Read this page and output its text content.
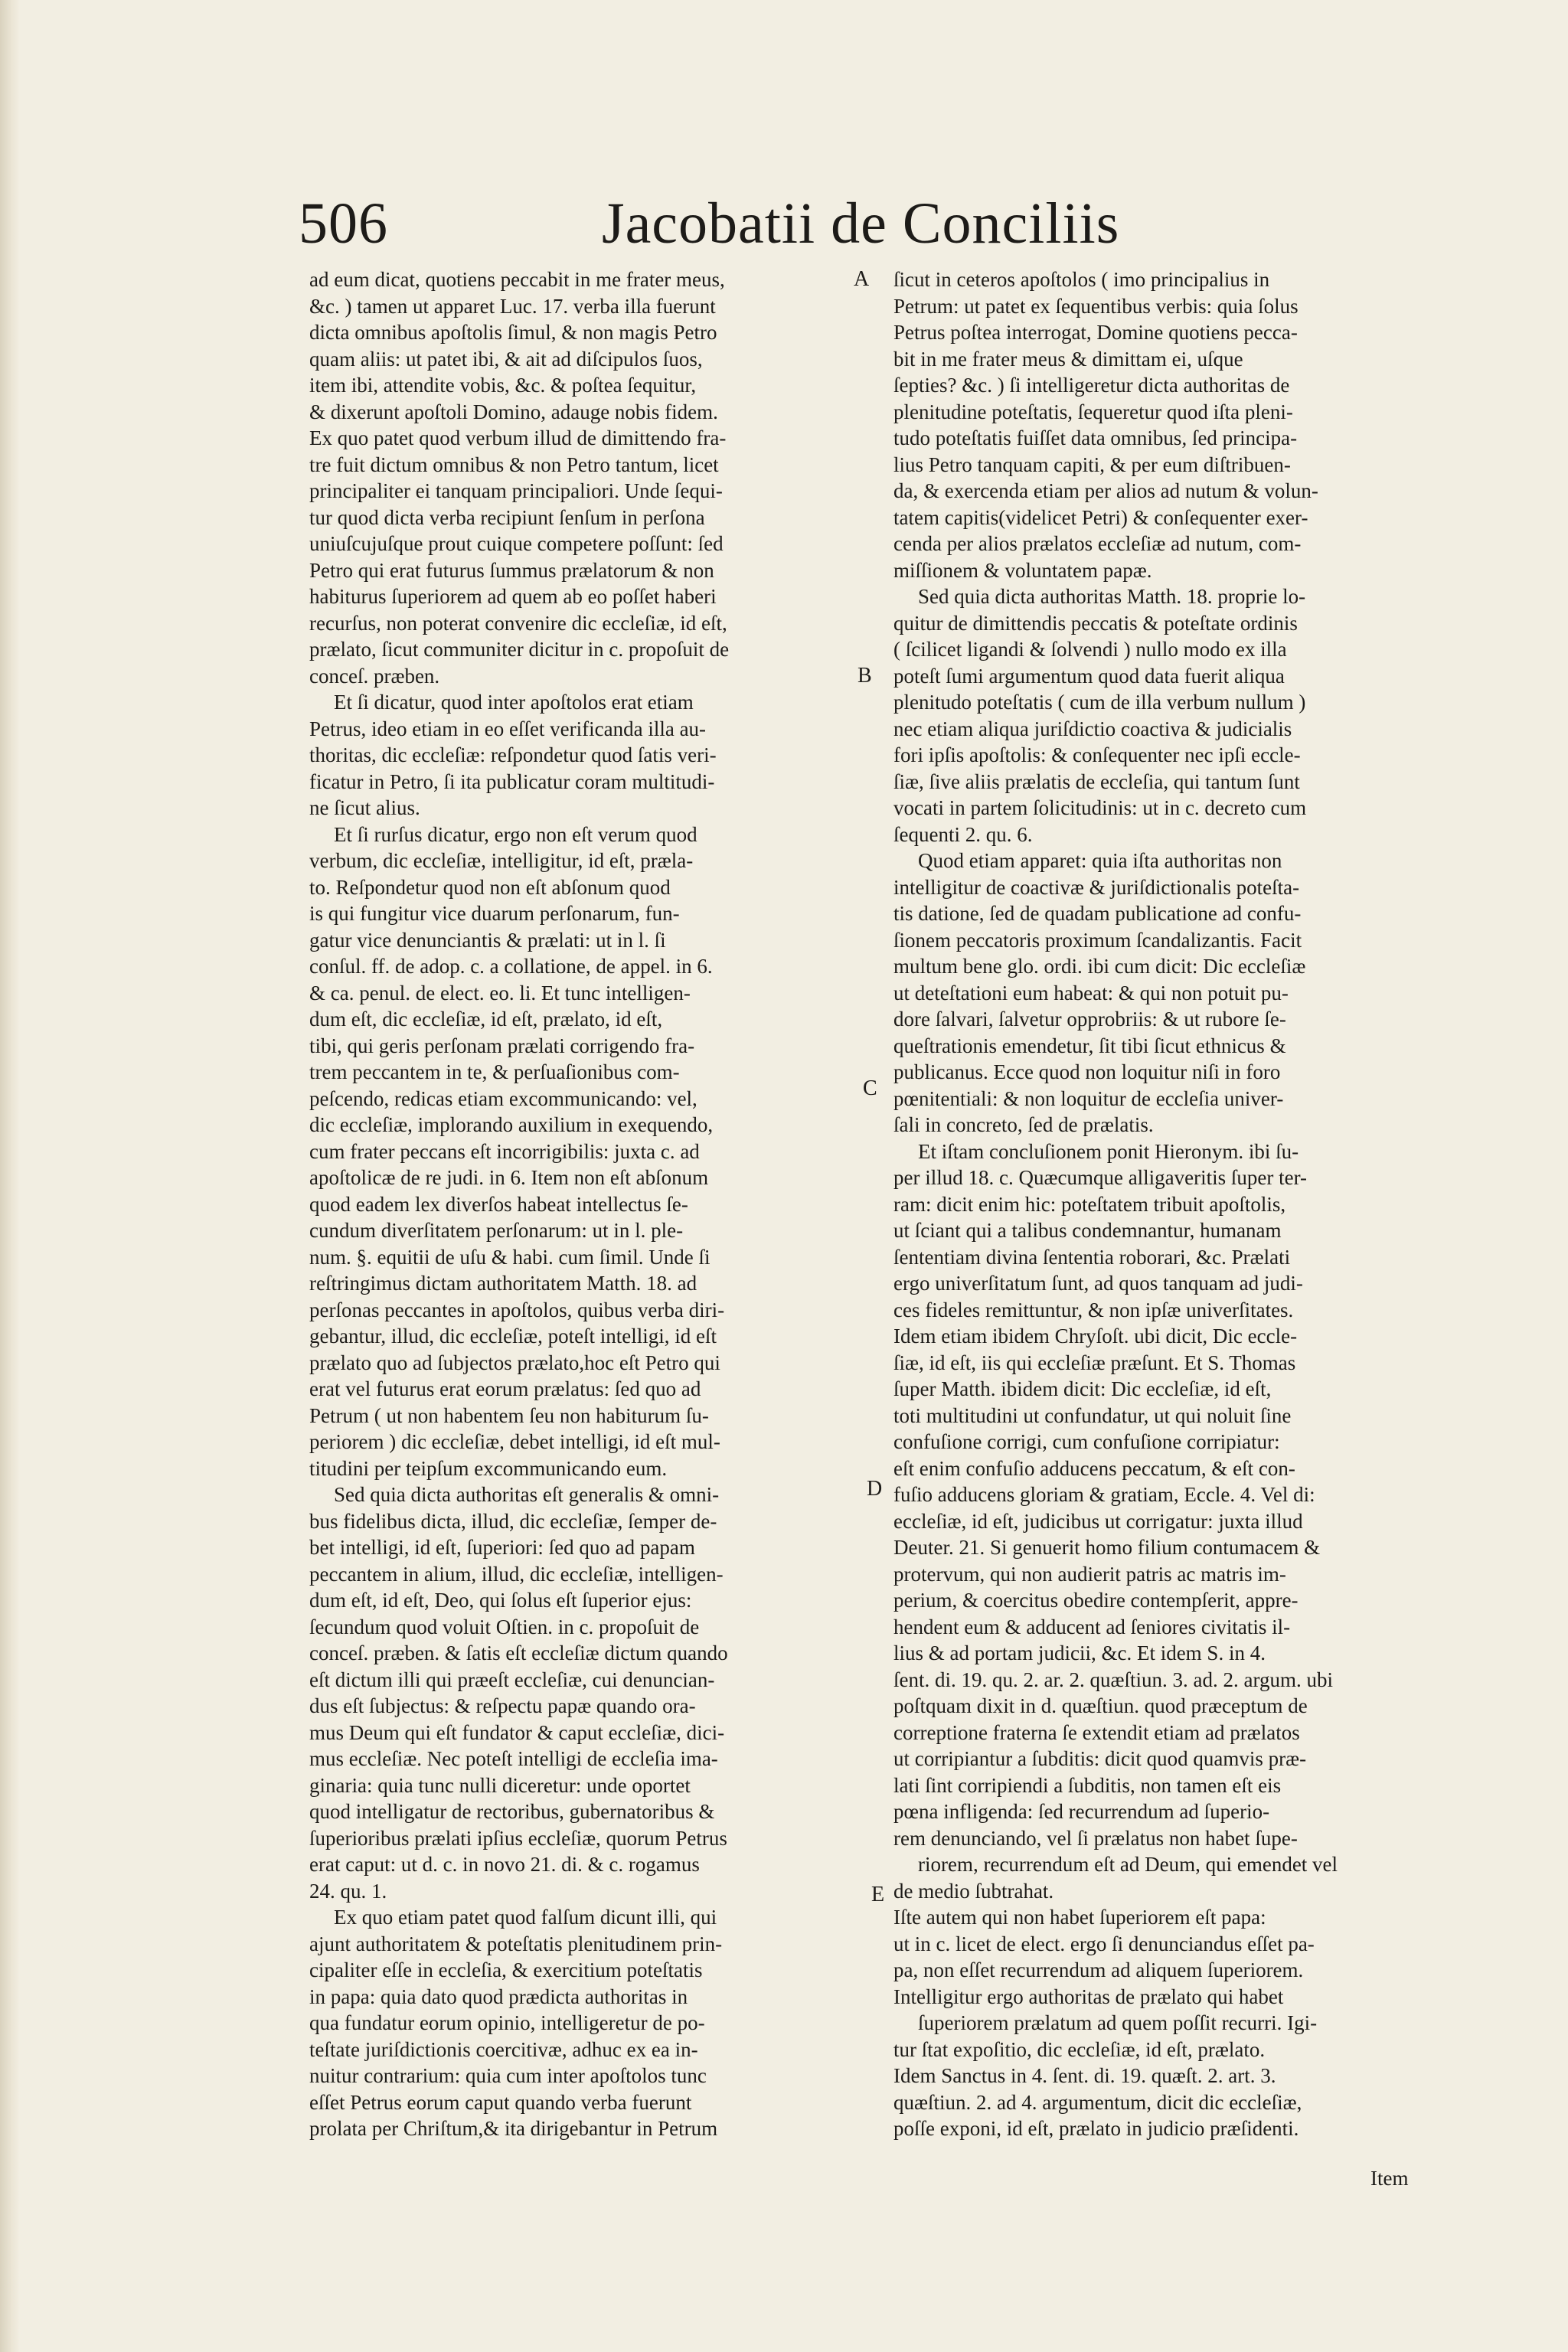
506	Jacobatii de Conciliis
ad eum dicat, quotiens peccabit in me frater meus,
&c. ) tamen ut apparet Luc. 17. verba illa fuerunt
dicta omnibus apoſtolis ſimul, & non magis Petro
quam aliis: ut patet ibi, & ait ad diſcipulos ſuos,
item ibi, attendite vobis, &c. & poſtea ſequitur,
& dixerunt apoſtoli Domino, adauge nobis fidem.
Ex quo patet quod verbum illud de dimittendo fra-
tre fuit dictum omnibus & non Petro tantum, licet
principaliter ei tanquam principaliori. Unde ſequi-
tur quod dicta verba recipiunt ſenſum in perſona
uniuſcujuſque prout cuique competere poſſunt: ſed
Petro qui erat futurus ſummus prælatorum & non
habiturus ſuperiorem ad quem ab eo poſſet haberi
recurſus, non poterat convenire dic eccleſiæ, id eſt,
prælato, ſicut communiter dicitur in c. propoſuit de
conceſ. præben.
Et ſi dicatur, quod inter apoſtolos erat etiam
Petrus, ideo etiam in eo eſſet verificanda illa au-
thoritas, dic eccleſiæ: reſpondetur quod ſatis veri-
ficatur in Petro, ſi ita publicatur coram multitudi-
ne ſicut alius.
Et ſi rurſus dicatur, ergo non eſt verum quod
verbum, dic eccleſiæ, intelligitur, id eſt, præla-
to. Reſpondetur quod non eſt abſonum quod
is qui fungitur vice duarum perſonarum, fun-
gatur vice denunciantis & prælati: ut in l. ſi
conſul. ff. de adop. c. a collatione, de appel. in 6.
& ca. penul. de elect. eo. li. Et tunc intelligen-
dum eſt, dic eccleſiæ, id eſt, prælato, id eſt,
tibi, qui geris perſonam prælati corrigendo fra-
trem peccantem in te, & perſuaſionibus com-
peſcendo, redicas etiam excommunicando: vel,
dic eccleſiæ, implorando auxilium in exequendo,
cum frater peccans eſt incorrigibilis: juxta c. ad
apoſtolicæ de re judi. in 6. Item non eſt abſonum
quod eadem lex diverſos habeat intellectus ſe-
cundum diverſitatem perſonarum: ut in l. ple-
num. §. equitii de uſu & habi. cum ſimil. Unde ſi
reſtringimus dictam authoritatem Matth. 18. ad
perſonas peccantes in apoſtolos, quibus verba diri-
gebantur, illud, dic eccleſiæ, poteſt intelligi, id eſt
prælato quo ad ſubjectos prælato,hoc eſt Petro qui
erat vel futurus erat eorum prælatus: ſed quo ad
Petrum ( ut non habentem ſeu non habiturum ſu-
periorem ) dic eccleſiæ, debet intelligi, id eſt mul-
titudini per teipſum excommunicando eum.
Sed quia dicta authoritas eſt generalis & omni-
bus fidelibus dicta, illud, dic eccleſiæ, ſemper de-
bet intelligi, id eſt, ſuperiori: ſed quo ad papam
peccantem in alium, illud, dic eccleſiæ, intelligen-
dum eſt, id eſt, Deo, qui ſolus eſt ſuperior ejus:
ſecundum quod voluit Oſtien. in c. propoſuit de
conceſ. præben. & ſatis eſt eccleſiæ dictum quando
eſt dictum illi qui præeſt eccleſiæ, cui denuncian-
dus eſt ſubjectus: & reſpectu papæ quando ora-
mus Deum qui eſt fundator & caput eccleſiæ, dici-
mus eccleſiæ. Nec poteſt intelligi de eccleſia ima-
ginaria: quia tunc nulli diceretur: unde oportet
quod intelligatur de rectoribus, gubernatoribus &
ſuperioribus prælati ipſius eccleſiæ, quorum Petrus
erat caput: ut d. c. in novo 21. di. & c. rogamus
24. qu. 1.
Ex quo etiam patet quod falſum dicunt illi, qui
ajunt authoritatem & poteſtatis plenitudinem prin-
cipaliter eſſe in eccleſia, & exercitium poteſtatis
in papa: quia dato quod prædicta authoritas in
qua fundatur eorum opinio, intelligeretur de po-
teſtate juriſdictionis coercitivæ, adhuc ex ea in-
nuitur contrarium: quia cum inter apoſtolos tunc
eſſet Petrus eorum caput quando verba fuerunt
prolata per Chriſtum,& ita dirigebantur in Petrum
ſicut in ceteros apoſtolos ( imo principalius in
Petrum: ut patet ex ſequentibus verbis: quia ſolus
Petrus poſtea interrogat, Domine quotiens pecca-
bit in me frater meus & dimittam ei, uſque
ſepties? &c. ) ſi intelligeretur dicta authoritas de
plenitudine poteſtatis, ſequeretur quod iſta pleni-
tudo poteſtatis fuiſſet data omnibus, ſed principa-
lius Petro tanquam capiti, & per eum diſtribuen-
da, & exercenda etiam per alios ad nutum & volun-
tatem capitis(videlicet Petri) & conſequenter exer-
cenda per alios prælatos eccleſiæ ad nutum, com-
miſſionem & voluntatem papæ.
Sed quia dicta authoritas Matth. 18. proprie lo-
quitur de dimittendis peccatis & poteſtate ordinis
( ſcilicet ligandi & ſolvendi ) nullo modo ex illa
poteſt ſumi argumentum quod data fuerit aliqua
plenitudo poteſtatis ( cum de illa verbum nullum )
nec etiam aliqua juriſdictio coactiva & judicialis
fori ipſis apoſtolis: & conſequenter nec ipſi eccle-
ſiæ, ſive aliis prælatis de eccleſia, qui tantum ſunt
vocati in partem ſolicitudinis: ut in c. decreto cum
ſequenti 2. qu. 6.
Quod etiam apparet: quia iſta authoritas non
intelligitur de coactivæ & juriſdictionalis poteſta-
tis datione, ſed de quadam publicatione ad confu-
ſionem peccatoris proximum ſcandalizantis. Facit
multum bene glo. ordi. ibi cum dicit: Dic eccleſiæ
ut deteſtationi eum habeat: & qui non potuit pu-
dore ſalvari, ſalvetur opprobriis: & ut rubore ſe-
queſtrationis emendetur, ſit tibi ſicut ethnicus &
publicanus. Ecce quod non loquitur niſi in foro
pœnitentiali: & non loquitur de eccleſia univer-
ſali in concreto, ſed de prælatis.
Et iſtam concluſionem ponit Hieronym. ibi ſu-
per illud 18. c. Quæcumque alligaveritis ſuper ter-
ram: dicit enim hic: poteſtatem tribuit apoſtolis,
ut ſciant qui a talibus condemnantur, humanam
ſententiam divina ſententia roborari, &c. Prælati
ergo univerſitatum ſunt, ad quos tanquam ad judi-
ces fideles remittuntur, & non ipſæ univerſitates.
Idem etiam ibidem Chryſoſt. ubi dicit, Dic eccle-
ſiæ, id eſt, iis qui eccleſiæ præſunt. Et S. Thomas
ſuper Matth. ibidem dicit: Dic eccleſiæ, id eſt,
toti multitudini ut confundatur, ut qui noluit ſine
confuſione corrigi, cum confuſione corripiatur:
eſt enim confuſio adducens peccatum, & eſt con-
fuſio adducens gloriam & gratiam, Eccle. 4. Vel di:
eccleſiæ, id eſt, judicibus ut corrigatur: juxta illud
Deuter. 21. Si genuerit homo filium contumacem &
protervum, qui non audierit patris ac matris im-
perium, & coercitus obedire contempſerit, appre-
hendent eum & adducent ad ſeniores civitatis il-
lius & ad portam judicii, &c. Et idem S. in 4.
ſent. di. 19. qu. 2. ar. 2. quæſtiun. 3. ad. 2. argum. ubi
poſtquam dixit in d. quæſtiun. quod præceptum de
correptione fraterna ſe extendit etiam ad prælatos
ut corripiantur a ſubditis: dicit quod quamvis præ-
lati ſint corripiendi a ſubditis, non tamen eſt eis
pœna infligenda: ſed recurrendum ad ſuperio-
rem denunciando, vel ſi prælatus non habet ſupe-
riorem, recurrendum eſt ad Deum, qui emendet vel
de medio ſubtrahat.
Iſte autem qui non habet ſuperiorem eſt papa:
ut in c. licet de elect. ergo ſi denunciandus eſſet pa-
pa, non eſſet recurrendum ad aliquem ſuperiorem.
Intelligitur ergo authoritas de prælato qui habet
ſuperiorem prælatum ad quem poſſit recurri. Igi-
tur ſtat expoſitio, dic eccleſiæ, id eſt, prælato.
Idem Sanctus in 4. ſent. di. 19. quæſt. 2. art. 3.
quæſtiun. 2. ad 4. argumentum, dicit dic eccleſiæ,
poſſe exponi, id eſt, prælato in judicio præſidenti.
A
B
C
D
E
Item
